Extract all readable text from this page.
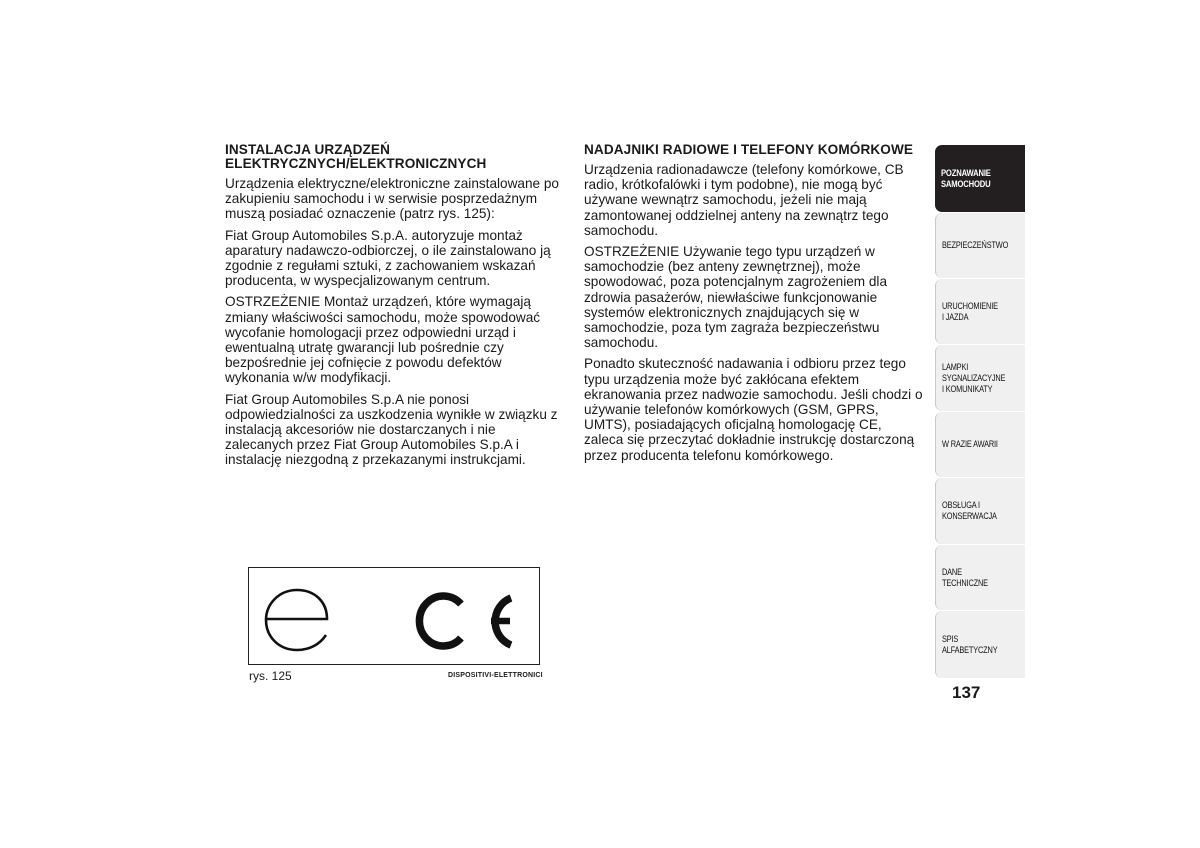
INSTALACJA URZĄDZEŃ ELEKTRYCZNYCH/ELEKTRONICZNYCH

Urządzenia elektryczne/elektroniczne zainstalowane po zakupieniu samochodu i w serwisie posprzedażnym muszą posiadać oznaczenie (patrz rys. 125):

Fiat Group Automobiles S.p.A. autoryzuje montaż aparatury nadawczo-odbiorczej, o ile zainstalowano ją zgodnie z regułami sztuki, z zachowaniem wskazań producenta, w wyspecjalizowanym centrum.

OSTRZEŻENIE Montaż urządzeń, które wymagają zmiany właściwości samochodu, może spowodować wycofanie homologacji przez odpowiedni urząd i ewentualną utratę gwarancji lub pośrednie czy bezpośrednie jej cofnięcie z powodu defektów wykonania w/w modyfikacji.

Fiat Group Automobiles S.p.A nie ponosi odpowiedzialności za uszkodzenia wynikłe w związku z instalacją akcesoriów nie dostarczanych i nie zalecanych przez Fiat Group Automobiles S.p.A i instalację niezgodną z przekazanymi instrukcjami.

NADAJNIKI RADIOWE I TELEFONY KOMÓRKOWE

Urządzenia radionadawcze (telefony komórkowe, CB radio, krótkofalówki i tym podobne), nie mogą być używane wewnątrz samochodu, jeżeli nie mają zamontowanej oddzielnej anteny na zewnątrz tego samochodu.

OSTRZEŻENIE Używanie tego typu urządzeń w samochodzie (bez anteny zewnętrznej), może spowodować, poza potencjalnym zagrożeniem dla zdrowia pasażerów, niewłaściwe funkcjonowanie systemów elektronicznych znajdujących się w samochodzie, poza tym zagraża bezpieczeństwu samochodu.

Ponadto skuteczność nadawania i odbioru przez tego typu urządzenia może być zakłócana efektem ekranowania przez nadwozie samochodu. Jeśli chodzi o używanie telefonów komórkowych (GSM, GPRS, UMTS), posiadających oficjalną homologację CE, zaleca się przeczytać dokładnie instrukcję dostarczoną przez producenta telefonu komórkowego.

rys. 125	DISPOSITIVI-ELETTRONICI
POZNAWANIE SAMOCHODU
BEZPIECZEŃSTWO
URUCHOMIENIE I JAZDA
LAMPKI SYGNALIZACYJNE I KOMUNIKATY
W RAZIE AWARII
OBSŁUGA I KONSERWACJA
DANE TECHNICZNE
SPIS ALFABETYCZNY
137
